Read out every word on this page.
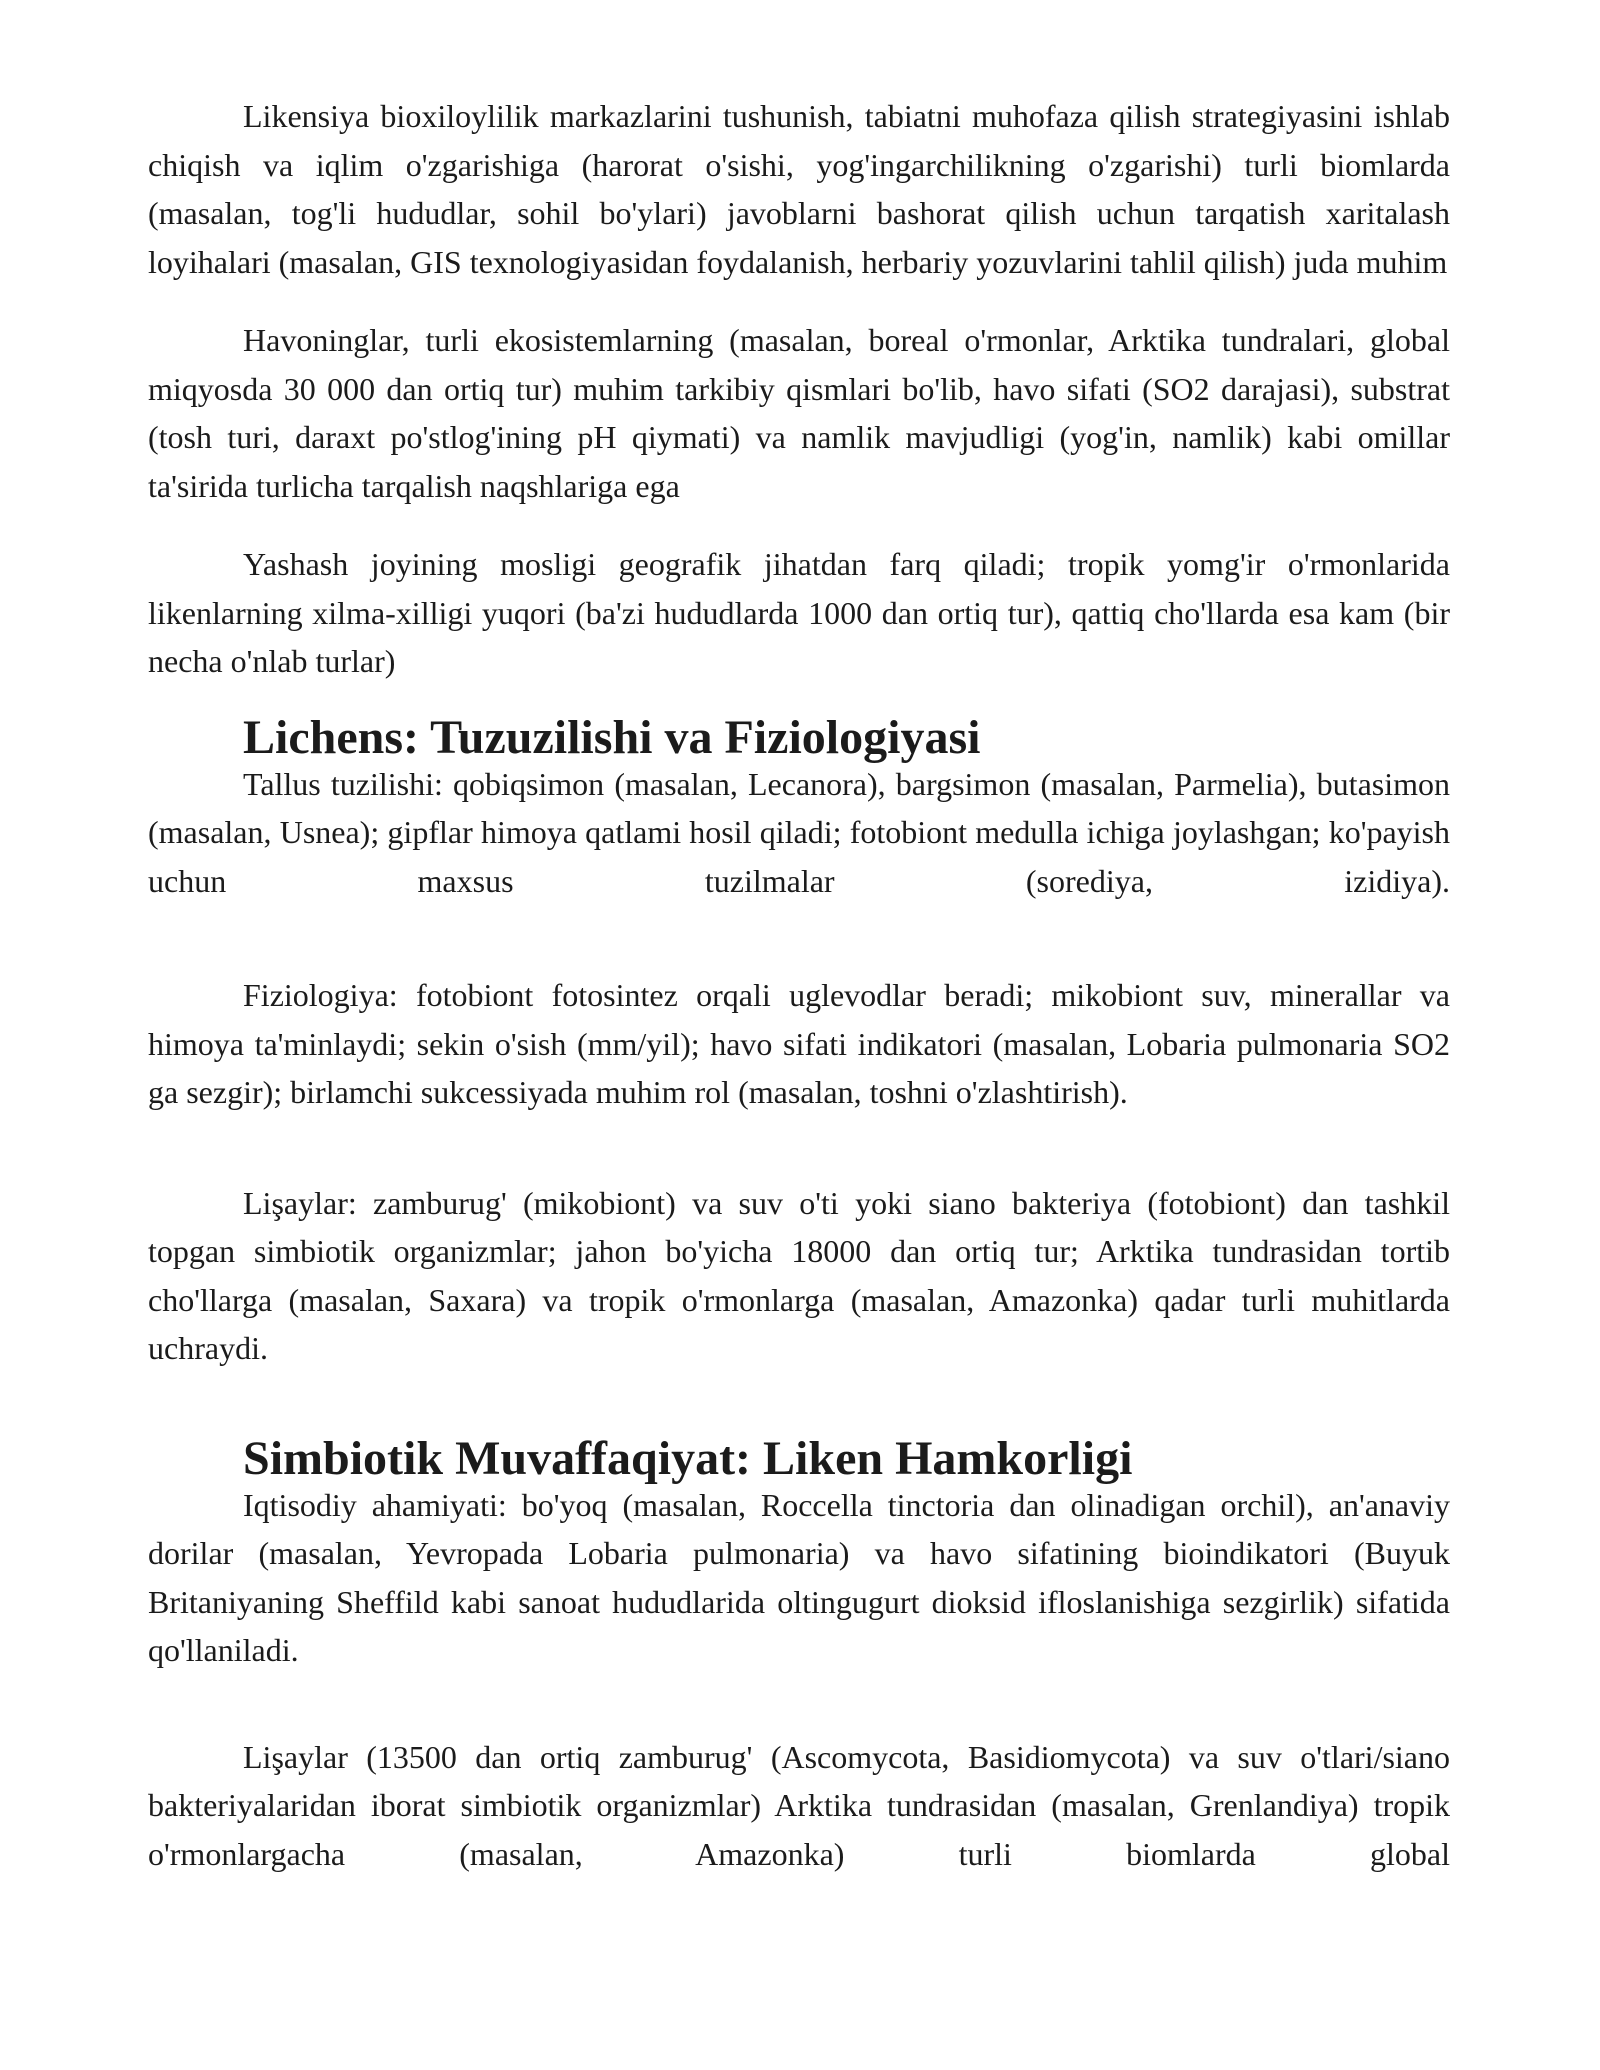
Likensiya bioxiloylilik markazlarini tushunish, tabiatni muhofaza qilish strategiyasini ishlab chiqish va iqlim o'zgarishiga (harorat o'sishi, yog'ingarchilikning o'zgarishi) turli biomlarda (masalan, tog'li hududlar, sohil bo'ylari) javoblarni bashorat qilish uchun tarqatish xaritalash loyihalari (masalan, GIS texnologiyasidan foydalanish, herbariy yozuvlarini tahlil qilish) juda muhim

Havoninglar, turli ekosistemlarning (masalan, boreal o'rmonlar, Arktika tundralari, global miqyosda 30 000 dan ortiq tur) muhim tarkibiy qismlari bo'lib, havo sifati (SO2 darajasi), substrat (tosh turi, daraxt po'stlog'ining pH qiymati) va namlik mavjudligi (yog'in, namlik) kabi omillar ta'sirida turlicha tarqalish naqshlariga ega

Yashash joyining mosligi geografik jihatdan farq qiladi; tropik yomg'ir o'rmonlarida likenlarning xilma-xilligi yuqori (ba'zi hududlarda 1000 dan ortiq tur), qattiq cho'llarda esa kam (bir necha o'nlab turlar)

Lichens: Tuzuzilishi va Fiziologiyasi

Tallus tuzilishi: qobiqsimon (masalan, Lecanora), bargsimon (masalan, Parmelia), butasimon (masalan, Usnea); gipflar himoya qatlami hosil qiladi; fotobiont medulla ichiga joylashgan; ko'payish uchun maxsus tuzilmalar (sorediya, izidiya).

Fiziologiya: fotobiont fotosintez orqali uglevodlar beradi; mikobiont suv, minerallar va himoya ta'minlaydi; sekin o'sish (mm/yil); havo sifati indikatori (masalan, Lobaria pulmonaria SO2 ga sezgir); birlamchi sukcessiyada muhim rol (masalan, toshni o'zlashtirish).

Lişaylar: zamburug' (mikobiont) va suv o'ti yoki siano bakteriya (fotobiont) dan tashkil topgan simbiotik organizmlar; jahon bo'yicha 18000 dan ortiq tur; Arktika tundrasidan tortib cho'llarga (masalan, Saxara) va tropik o'rmonlarga (masalan, Amazonka) qadar turli muhitlarda uchraydi.

Simbiotik Muvaffaqiyat: Liken Hamkorligi

Iqtisodiy ahamiyati: bo'yoq (masalan, Roccella tinctoria dan olinadigan orchil), an'anaviy dorilar (masalan, Yevropada Lobaria pulmonaria) va havo sifatining bioindikatori (Buyuk Britaniyaning Sheffild kabi sanoat hududlarida oltingugurt dioksid ifloslanishiga sezgirlik) sifatida qo'llaniladi.

Lişaylar (13500 dan ortiq zamburug' (Ascomycota, Basidiomycota) va suv o'tlari/siano bakteriyalaridan iborat simbiotik organizmlar) Arktika tundrasidan (masalan, Grenlandiya) tropik o'rmonlargacha (masalan, Amazonka) turli biomlarda global
